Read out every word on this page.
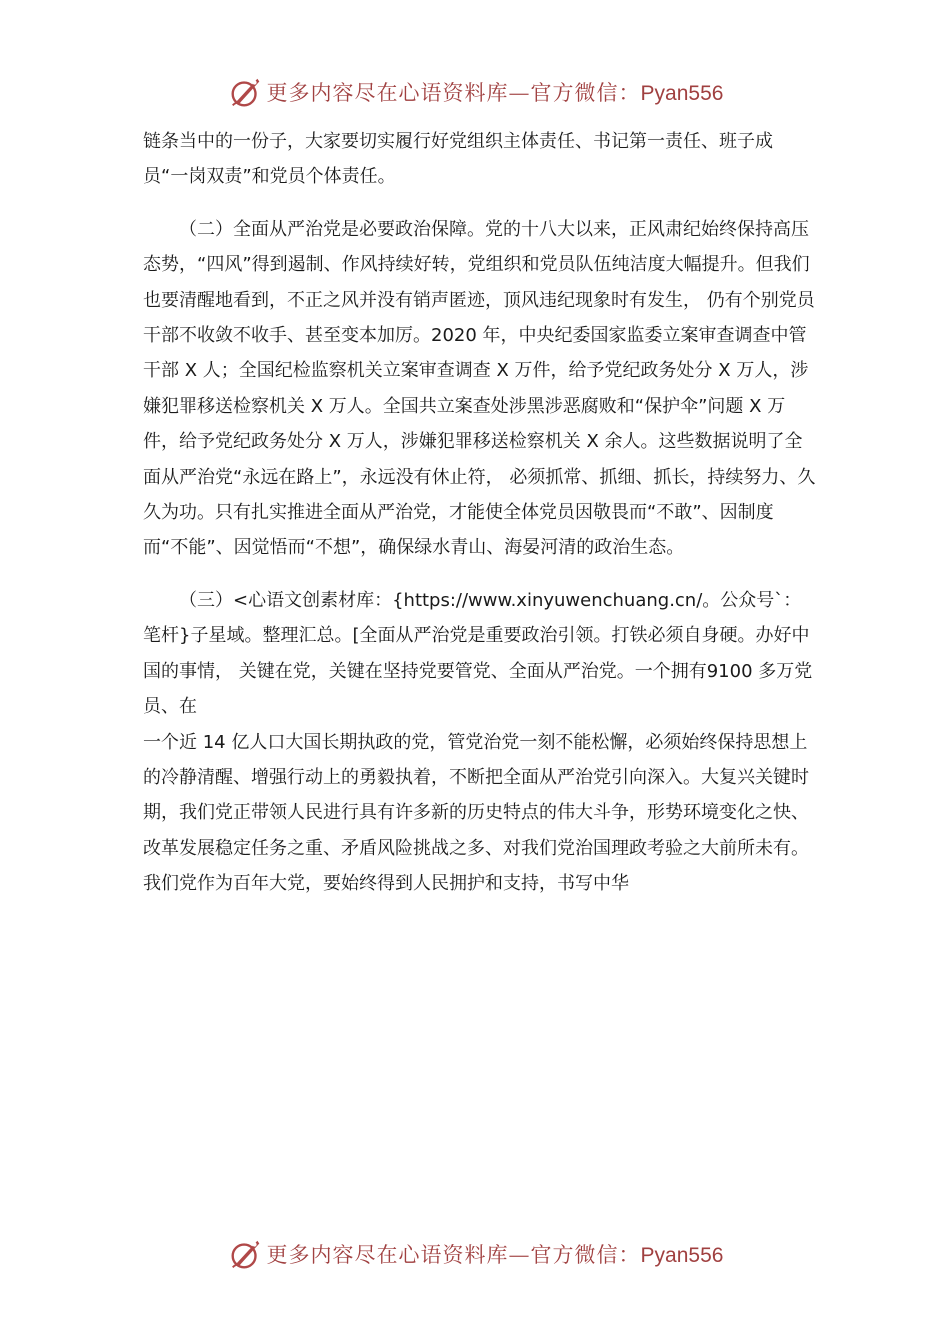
更多内容尽在心语资料库—官方微信：Pyan556

链条当中的一份子，大家要切实履行好党组织主体责任、书记第一责任、班子成员“一岗双责”和党员个体责任。

（二）全面从严治党是必要政治保障。党的十八大以来，正风肃纪始终保持高压态势，“四风”得到遏制、作风持续好转，党组织和党员队伍纯洁度大幅提升。但我们也要清醒地看到，不正之风并没有销声匿迹，顶风违纪现象时有发生， 仍有个别党员干部不收敛不收手、甚至变本加厉。2020 年，中央纪委国家监委立案审查调查中管干部 X 人；全国纪检监察机关立案审查调查 X 万件，给予党纪政务处分 X 万人，涉嫌犯罪移送检察机关 X 万人。全国共立案查处涉黑涉恶腐败和“保护伞”问题 X 万件，给予党纪政务处分 X 万人，涉嫌犯罪移送检察机关 X 余人。这些数据说明了全面从严治党“永远在路上”，永远没有休止符， 必须抓常、抓细、抓长，持续努力、久久为功。只有扎实推进全面从严治党，才能使全体党员因敬畏而“不敢”、因制度而“不能”、因觉悟而“不想”，确保绿水青山、海晏河清的政治生态。

（三）<心语文创素材库：{https://www.xinyuwenchuang.cn/。公众号`：笔杆}子星域。整理汇总。[全面从严治党是重要政治引领。打铁必须自身硬。办好中国的事情， 关键在党，关键在坚持党要管党、全面从严治党。一个拥有9100 多万党员、在

一个近 14 亿人口大国长期执政的党，管党治党一刻不能松懈，必须始终保持思想上的冷静清醒、增强行动上的勇毅执着，不断把全面从严治党引向深入。大复兴关键时期，我们党正带领人民进行具有许多新的历史特点的伟大斗争，形势环境变化之快、改革发展稳定任务之重、矛盾风险挑战之多、对我们党治国理政考验之大前所未有。我们党作为百年大党，要始终得到人民拥护和支持，书写中华

更多内容尽在心语资料库—官方微信：Pyan556
